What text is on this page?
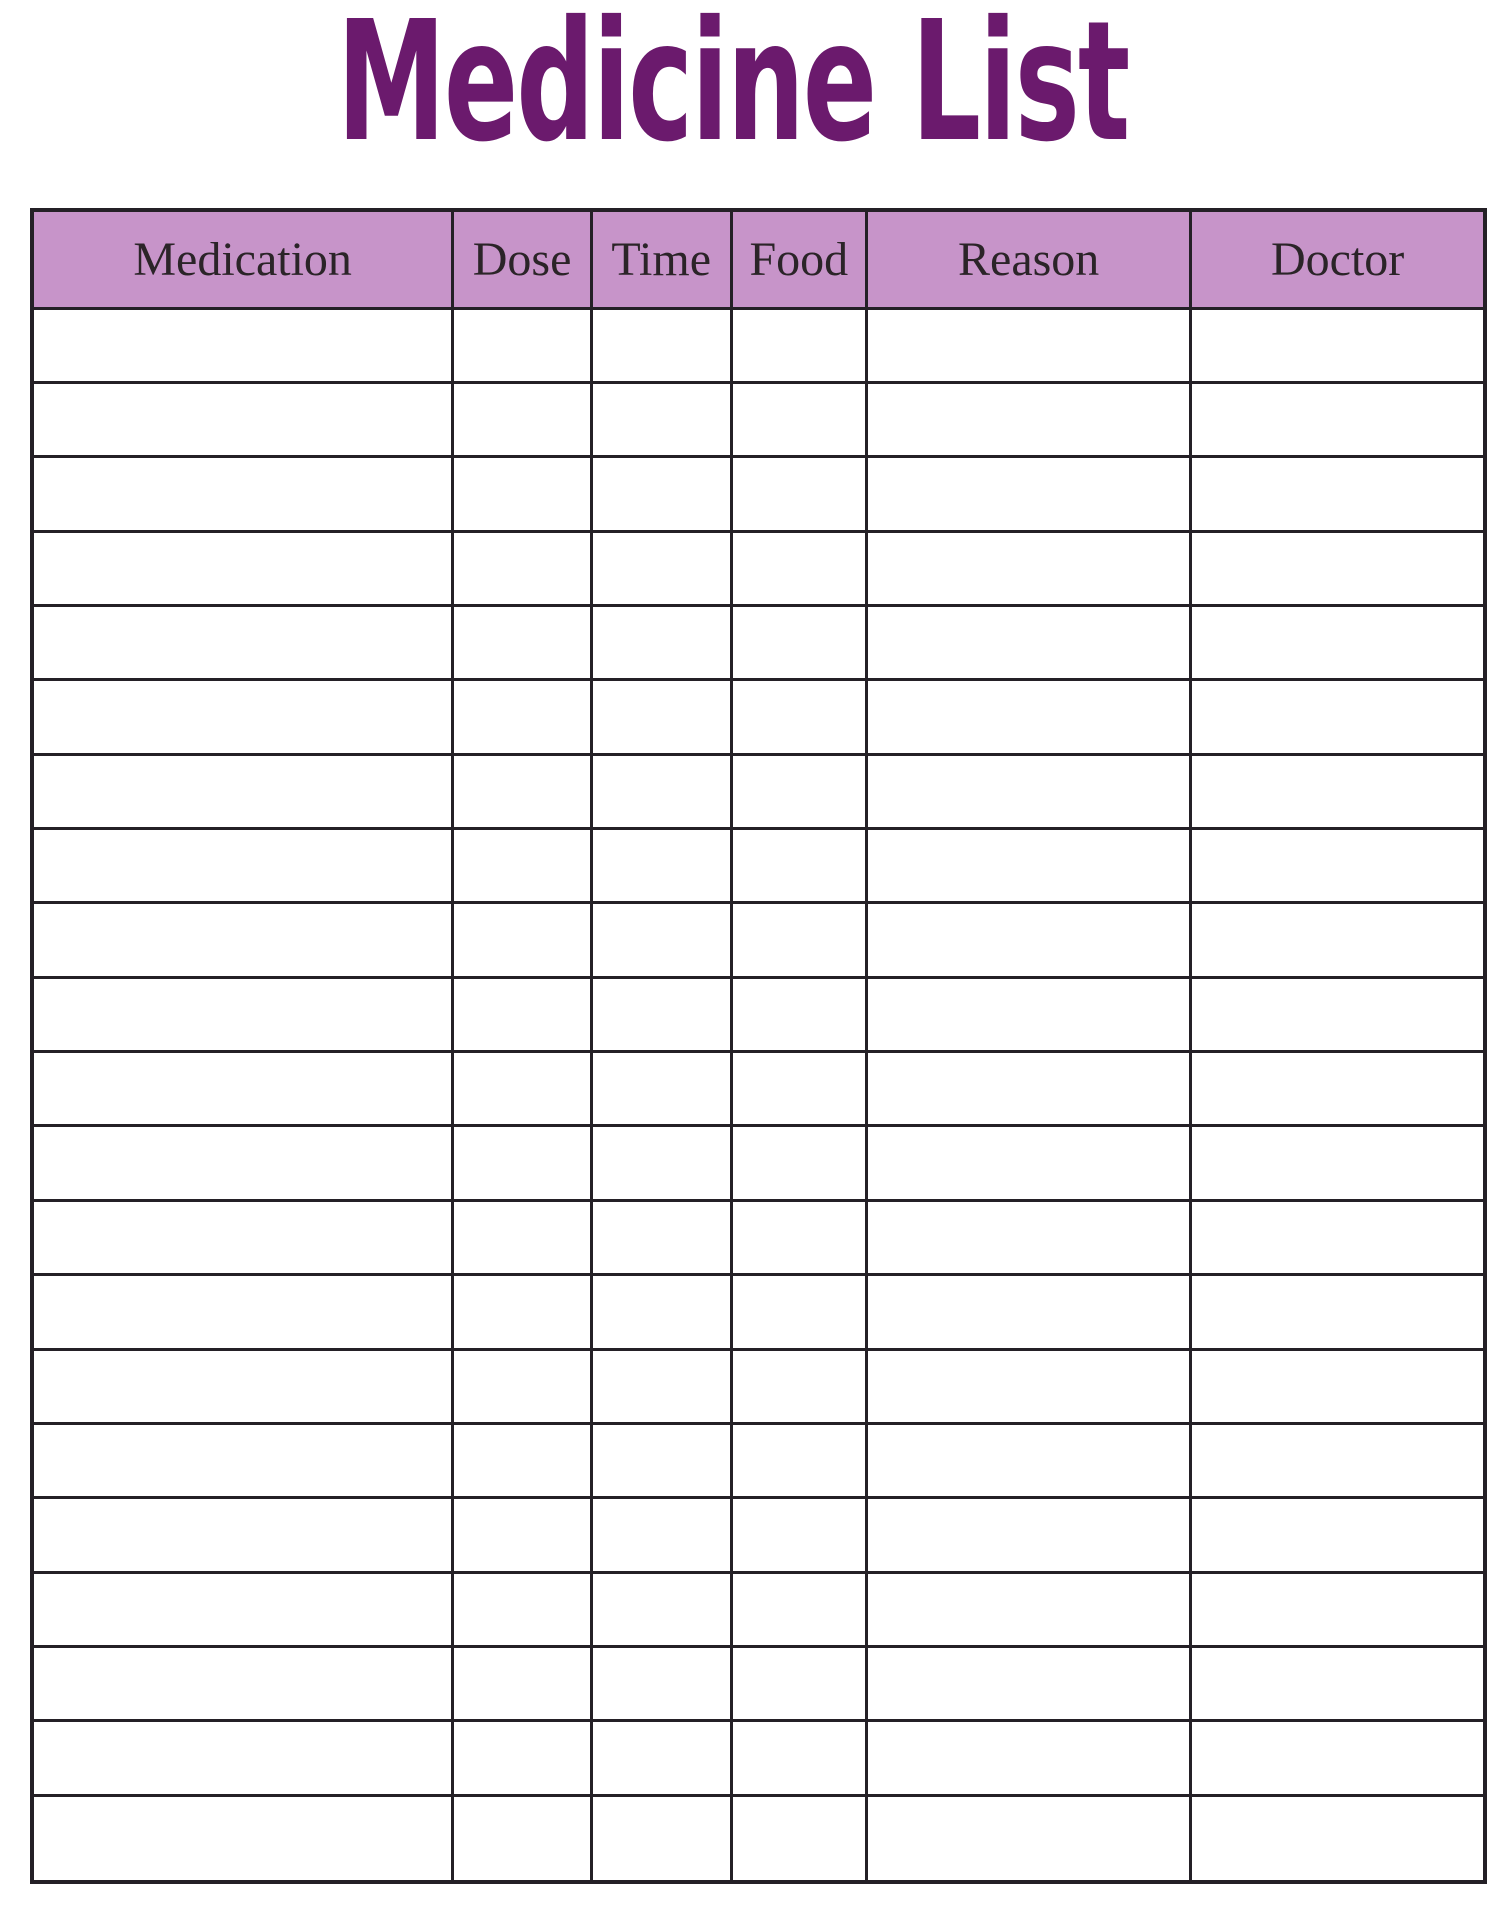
Medicine List
Medication	Dose	Time	Food	Reason	Doctor
